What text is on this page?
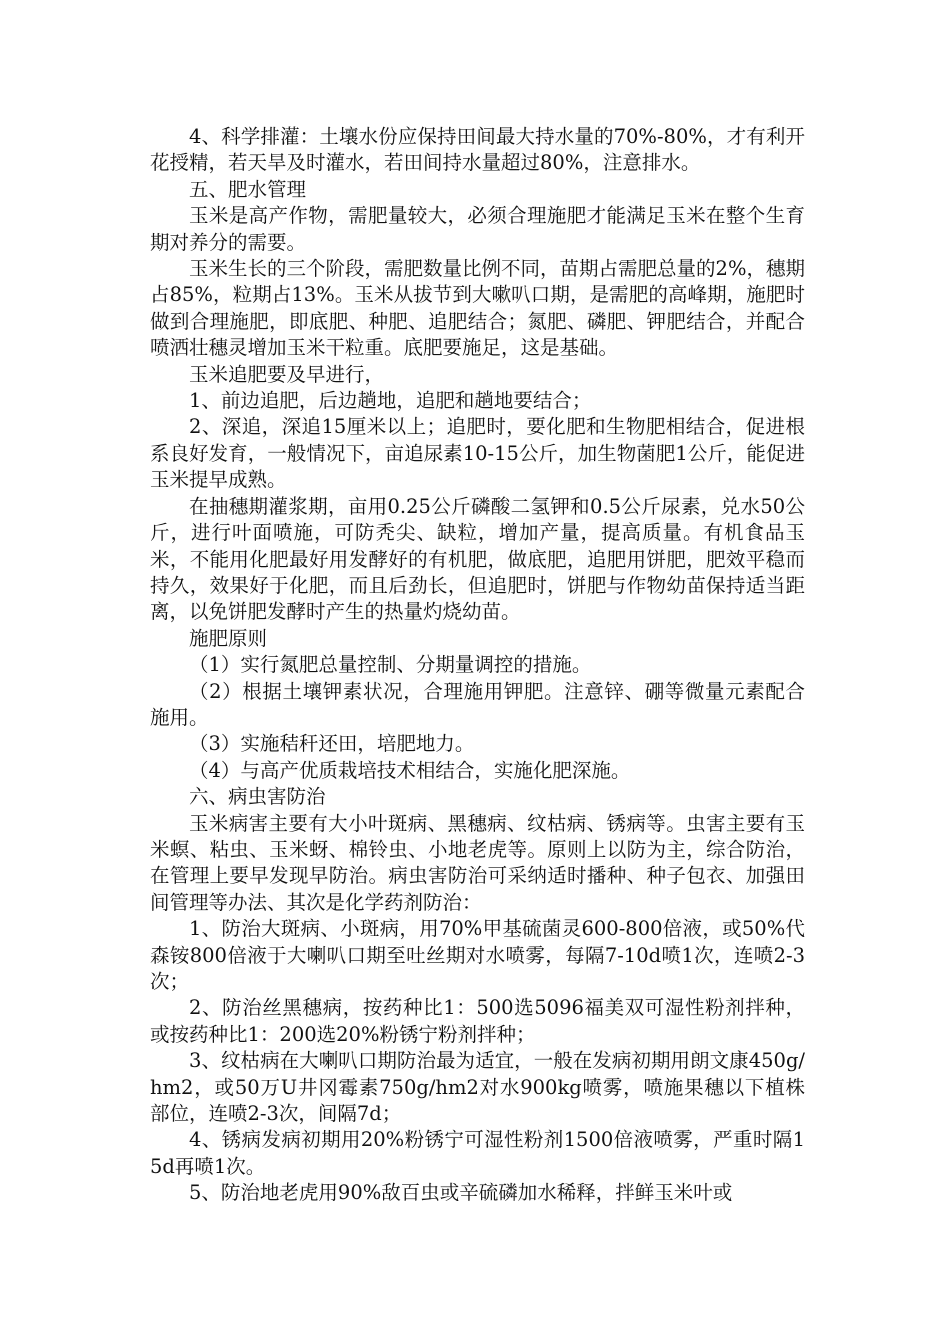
4、科学排灌：土壤水份应保持田间最大持水量的70%-80%，才有利开花授精，若天旱及时灌水，若田间持水量超过80%，注意排水。

五、肥水管理

玉米是高产作物，需肥量较大，必须合理施肥才能满足玉米在整个生育期对养分的需要。

玉米生长的三个阶段，需肥数量比例不同，苗期占需肥总量的2%，穗期占85%，粒期占13%。玉米从拔节到大嗽叭口期，是需肥的高峰期，施肥时做到合理施肥，即底肥、种肥、追肥结合；氮肥、磷肥、钾肥结合，并配合喷洒壮穗灵增加玉米干粒重。底肥要施足，这是基础。

玉米追肥要及早进行，

1、前边追肥，后边趟地，追肥和趟地要结合；

2、深追，深追15厘米以上；追肥时，要化肥和生物肥相结合，促进根系良好发育，一般情况下，亩追尿素10-15公斤，加生物菌肥1公斤，能促进玉米提早成熟。

在抽穗期灌浆期，亩用0.25公斤磷酸二氢钾和0.5公斤尿素，兑水50公斤，进行叶面喷施，可防秃尖、缺粒，增加产量，提高质量。有机食品玉米，不能用化肥最好用发酵好的有机肥，做底肥，追肥用饼肥，肥效平稳而持久，效果好于化肥，而且后劲长，但追肥时，饼肥与作物幼苗保持适当距离，以免饼肥发酵时产生的热量灼烧幼苗。

施肥原则

（1）实行氮肥总量控制、分期量调控的措施。

（2）根据土壤钾素状况，合理施用钾肥。注意锌、硼等微量元素配合施用。

（3）实施秸秆还田，培肥地力。

（4）与高产优质栽培技术相结合，实施化肥深施。

六、病虫害防治

玉米病害主要有大小叶斑病、黑穗病、纹枯病、锈病等。虫害主要有玉米螟、粘虫、玉米蚜、棉铃虫、小地老虎等。原则上以防为主，综合防治，在管理上要早发现早防治。病虫害防治可采纳适时播种、种子包衣、加强田间管理等办法、其次是化学药剂防治：

1、防治大斑病、小斑病，用70%甲基硫菌灵600-800倍液，或50%代森铵800倍液于大喇叭口期至吐丝期对水喷雾，每隔7-10d喷1次，连喷2-3次；

2、防治丝黑穗病，按药种比1：500选5096福美双可湿性粉剂拌种，或按药种比1：200选20%粉锈宁粉剂拌种；

3、纹枯病在大喇叭口期防治最为适宜，一般在发病初期用朗文康450g/hm2，或50万U井冈霉素750g/hm2对水900kg喷雾，喷施果穗以下植株部位，连喷2-3次，间隔7d；

4、锈病发病初期用20%粉锈宁可湿性粉剂1500倍液喷雾，严重时隔15d再喷1次。

5、防治地老虎用90%敌百虫或辛硫磷加水稀释，拌鲜玉米叶或
